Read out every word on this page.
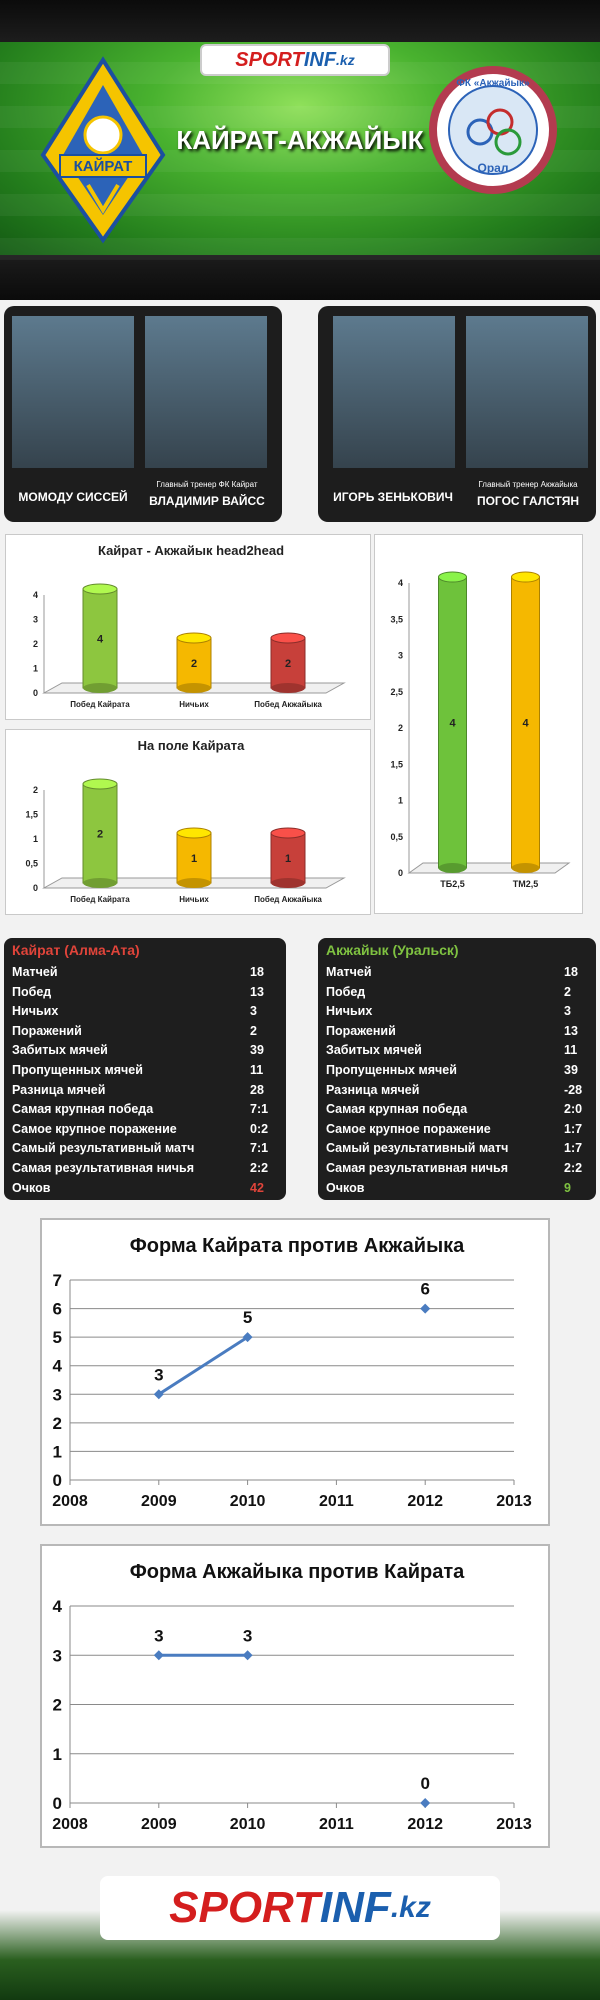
SPORT INF .kz
КАЙРАТ
КАЙРАТ-АКЖАЙЫК
ФК «Акжайык»
Орал
МОМОДУ СИССЕЙ
Главный тренер ФК Кайрат
ВЛАДИМИР ВАЙСС	ИГОРЬ ЗЕНЬКОВИЧ
Главный тренер Акжайыка
ПОГОС ГАЛСТЯН
Кайрат - Акжайык head2head
0
1
2
3
4
4
Побед Кайрата
2
Ничьих
2
Побед Акжайыка
На поле Кайрата
0
0,5
1
1,5
2
2
Побед Кайрата
1
Ничьих
1
Побед Акжайыка
0
0,5
1
1,5
2
2,5
3
3,5
4
4
ТБ2,5
4
ТМ2,5
Кайрат (Алма-Ата)
Матчей	18
Побед	13
Ничьих	3
Поражений	2
Забитых мячей	39
Пропущенных мячей	11
Разница мячей	28
Самая крупная победа	7:1
Самое крупное поражение	0:2
Самый результативный матч	7:1
Самая результативная ничья	2:2
Очков	42
Акжайык (Уральск)
Матчей	18
Побед	2
Ничьих	3
Поражений	13
Забитых мячей	11
Пропущенных мячей	39
Разница мячей	-28
Самая крупная победа	2:0
Самое крупное поражение	1:7
Самый результативный матч	1:7
Самая результативная ничья	2:2
Очков	9
Форма Кайрата против Акжайыка
0
1
2
3
4
5
6
7
2008	2009	2010	2011	2012	2013
3
5
6
Форма Акжайыка против Кайрата
0
1
2
3
4
2008	2009	2010	2011	2012	2013
3	3
0
SPORT INF .kz
